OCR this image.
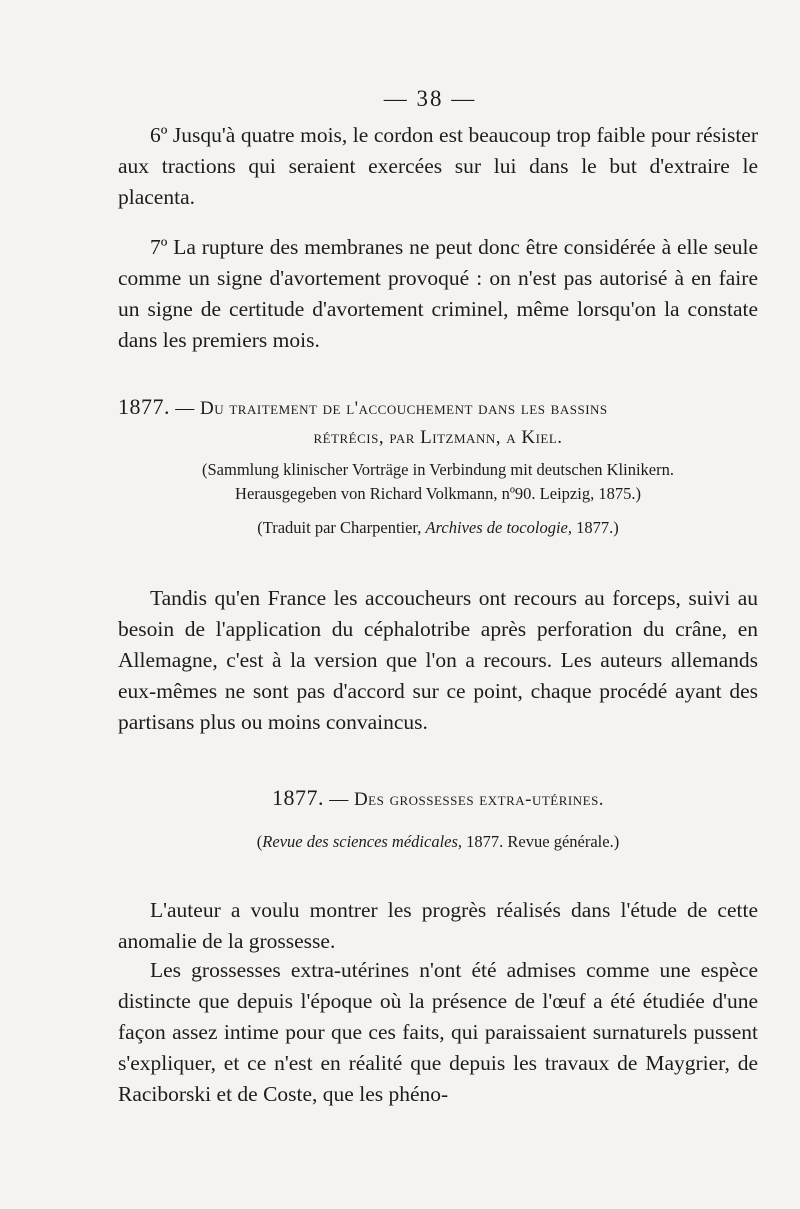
— 38 —

6º Jusqu'à quatre mois, le cordon est beaucoup trop faible pour résister aux tractions qui seraient exercées sur lui dans le but d'extraire le placenta.

7º La rupture des membranes ne peut donc être considérée à elle seule comme un signe d'avortement provoqué : on n'est pas autorisé à en faire un signe de certitude d'avortement criminel, même lorsqu'on la constate dans les premiers mois.

1877. — Du traitement de l'accouchement dans les bassins

rétrécis, par Litzmann, a Kiel.

(Sammlung klinischer Vorträge in Verbindung mit deutschen Klinikern.

Herausgegeben von Richard Volkmann, nº90. Leipzig, 1875.)

(Traduit par Charpentier, Archives de tocologie, 1877.)

Tandis qu'en France les accoucheurs ont recours au forceps, suivi au besoin de l'application du céphalotribe après perforation du crâne, en Allemagne, c'est à la version que l'on a recours. Les auteurs allemands eux-mêmes ne sont pas d'accord sur ce point, chaque procédé ayant des partisans plus ou moins convaincus.

1877. — Des grossesses extra-utérines.

(Revue des sciences médicales, 1877. Revue générale.)

L'auteur a voulu montrer les progrès réalisés dans l'étude de cette anomalie de la grossesse.

Les grossesses extra-utérines n'ont été admises comme une espèce distincte que depuis l'époque où la présence de l'œuf a été étudiée d'une façon assez intime pour que ces faits, qui paraissaient surnaturels pussent s'expliquer, et ce n'est en réalité que depuis les travaux de Maygrier, de Raciborski et de Coste, que les phéno-
